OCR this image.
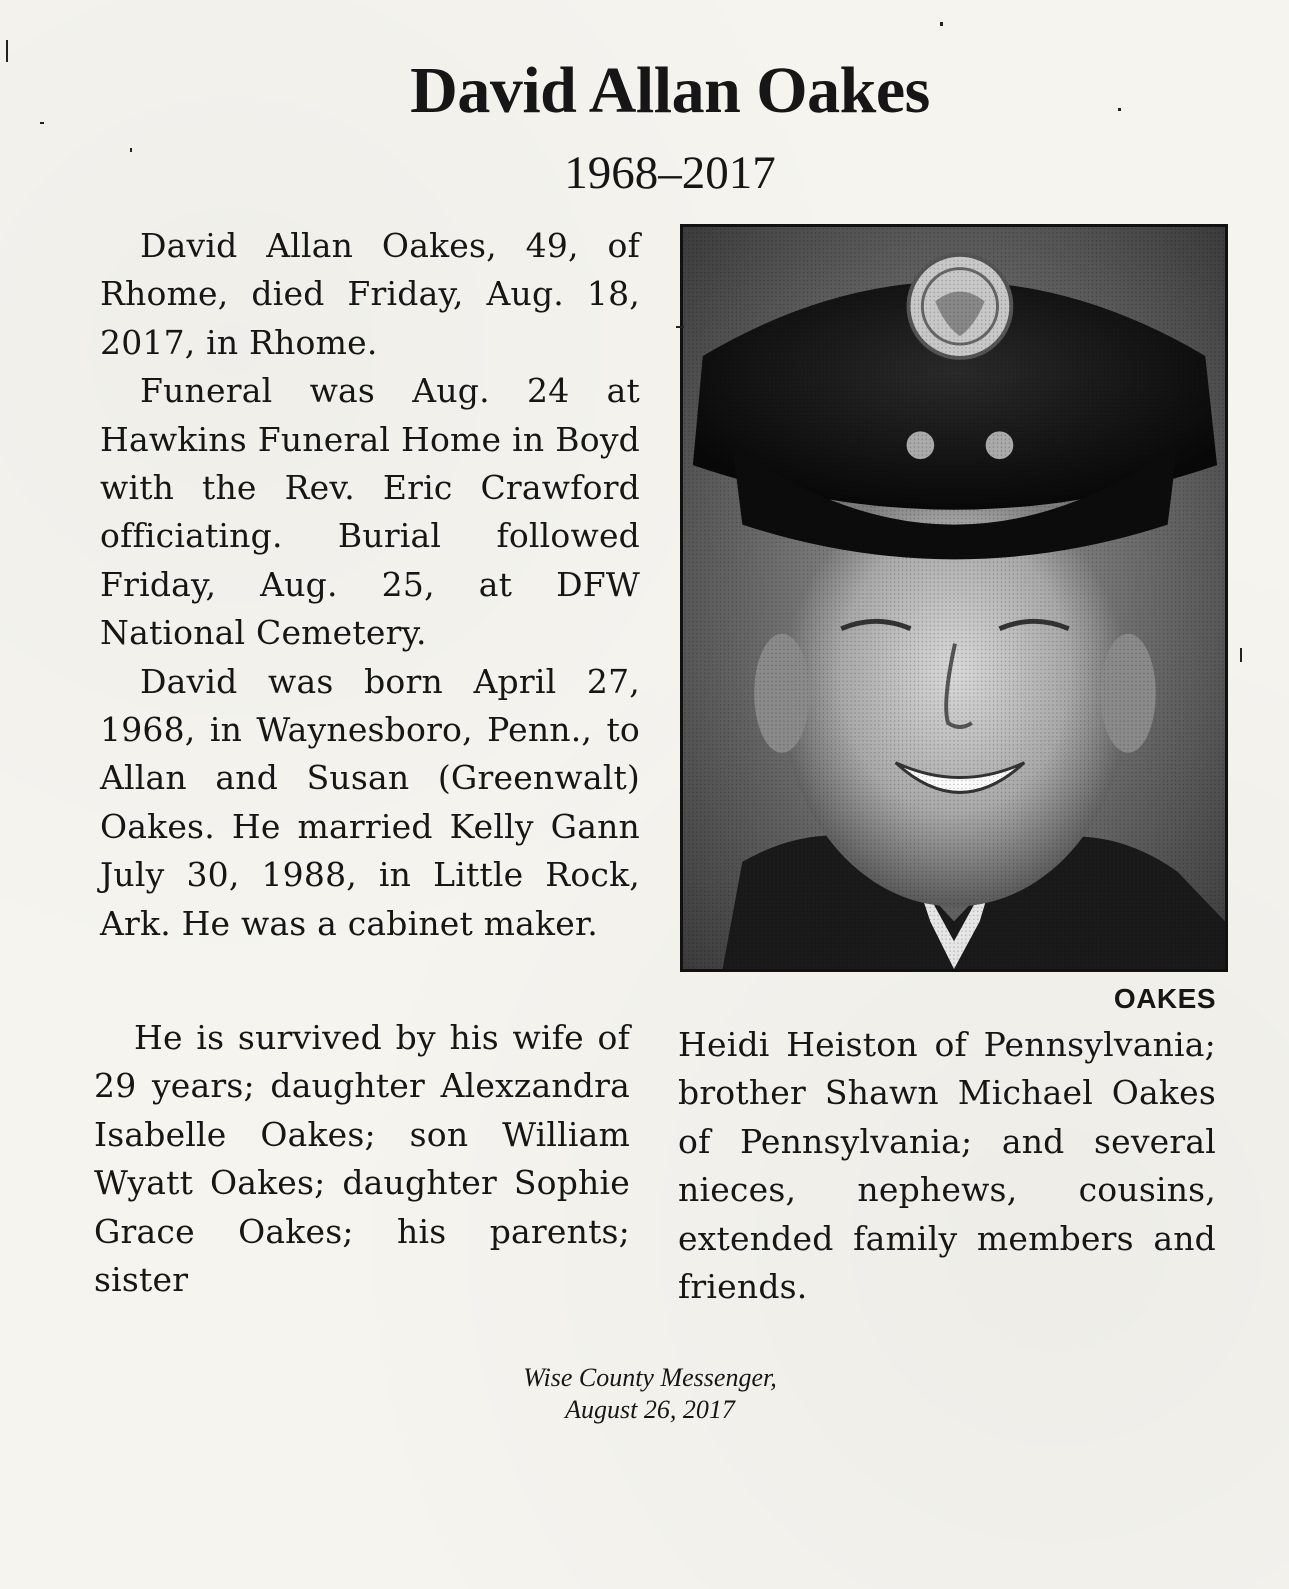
David Allan Oakes
1968–2017

David Allan Oakes, 49, of Rhome, died Friday, Aug. 18, 2017, in Rhome.

Funeral was Aug. 24 at Hawkins Funeral Home in Boyd with the Rev. Eric Crawford officiating. Burial followed Friday, Aug. 25, at DFW National Cemetery.

David was born April 27, 1968, in Waynesboro, Penn., to Allan and Susan (Greenwalt) Oakes. He married Kelly Gann July 30, 1988, in Little Rock, Ark. He was a cabinet maker.

OAKES

He is survived by his wife of 29 years; daughter Alexzandra Isabelle Oakes; son William Wyatt Oakes; daughter Sophie Grace Oakes; his parents; sister

Heidi Heiston of Pennsylvania; brother Shawn Michael Oakes of Pennsylvania; and several nieces, nephews, cousins, extended family members and friends.

Wise County Messenger,
August 26, 2017
